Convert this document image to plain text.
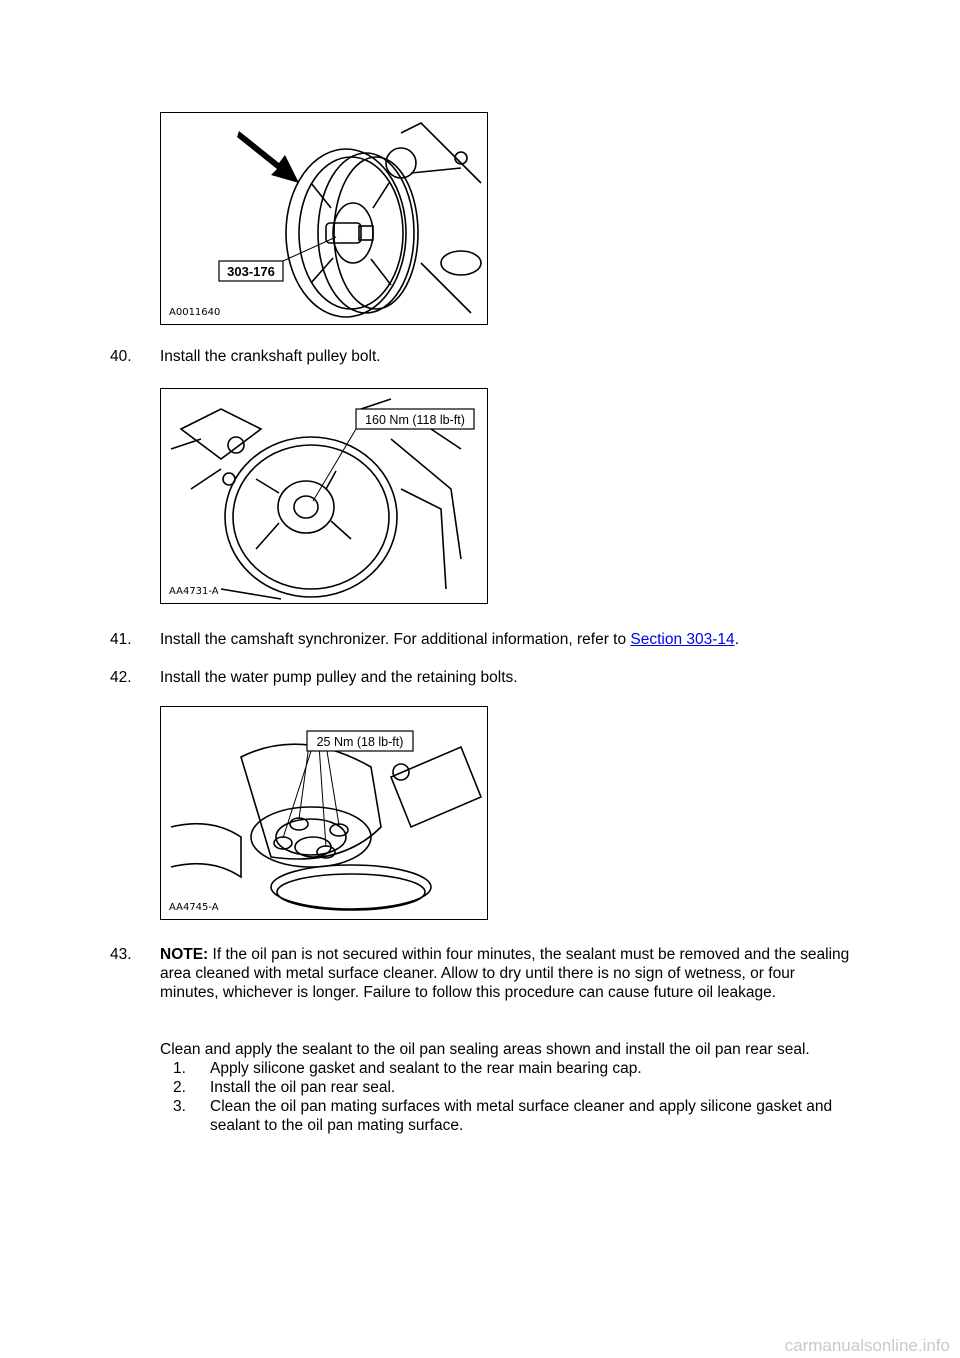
303-176
A0011640
40. Install the crankshaft pulley bolt.
160 Nm (118 lb-ft)
AA4731-A
41. Install the camshaft synchronizer. For additional information, refer to Section 303-14.
42. Install the water pump pulley and the retaining bolts.
25 Nm (18 lb-ft)
AA4745-A
43. NOTE: If the oil pan is not secured within four minutes, the sealant must be removed and the sealing area cleaned with metal surface cleaner. Allow to dry until there is no sign of wetness, or four minutes, whichever is longer. Failure to follow this procedure can cause future oil leakage.
Clean and apply the sealant to the oil pan sealing areas shown and install the oil pan rear seal.
1. Apply silicone gasket and sealant to the rear main bearing cap.
2. Install the oil pan rear seal.
3. Clean the oil pan mating surfaces with metal surface cleaner and apply silicone gasket and sealant to the oil pan mating surface.
carmanualsonline.info
